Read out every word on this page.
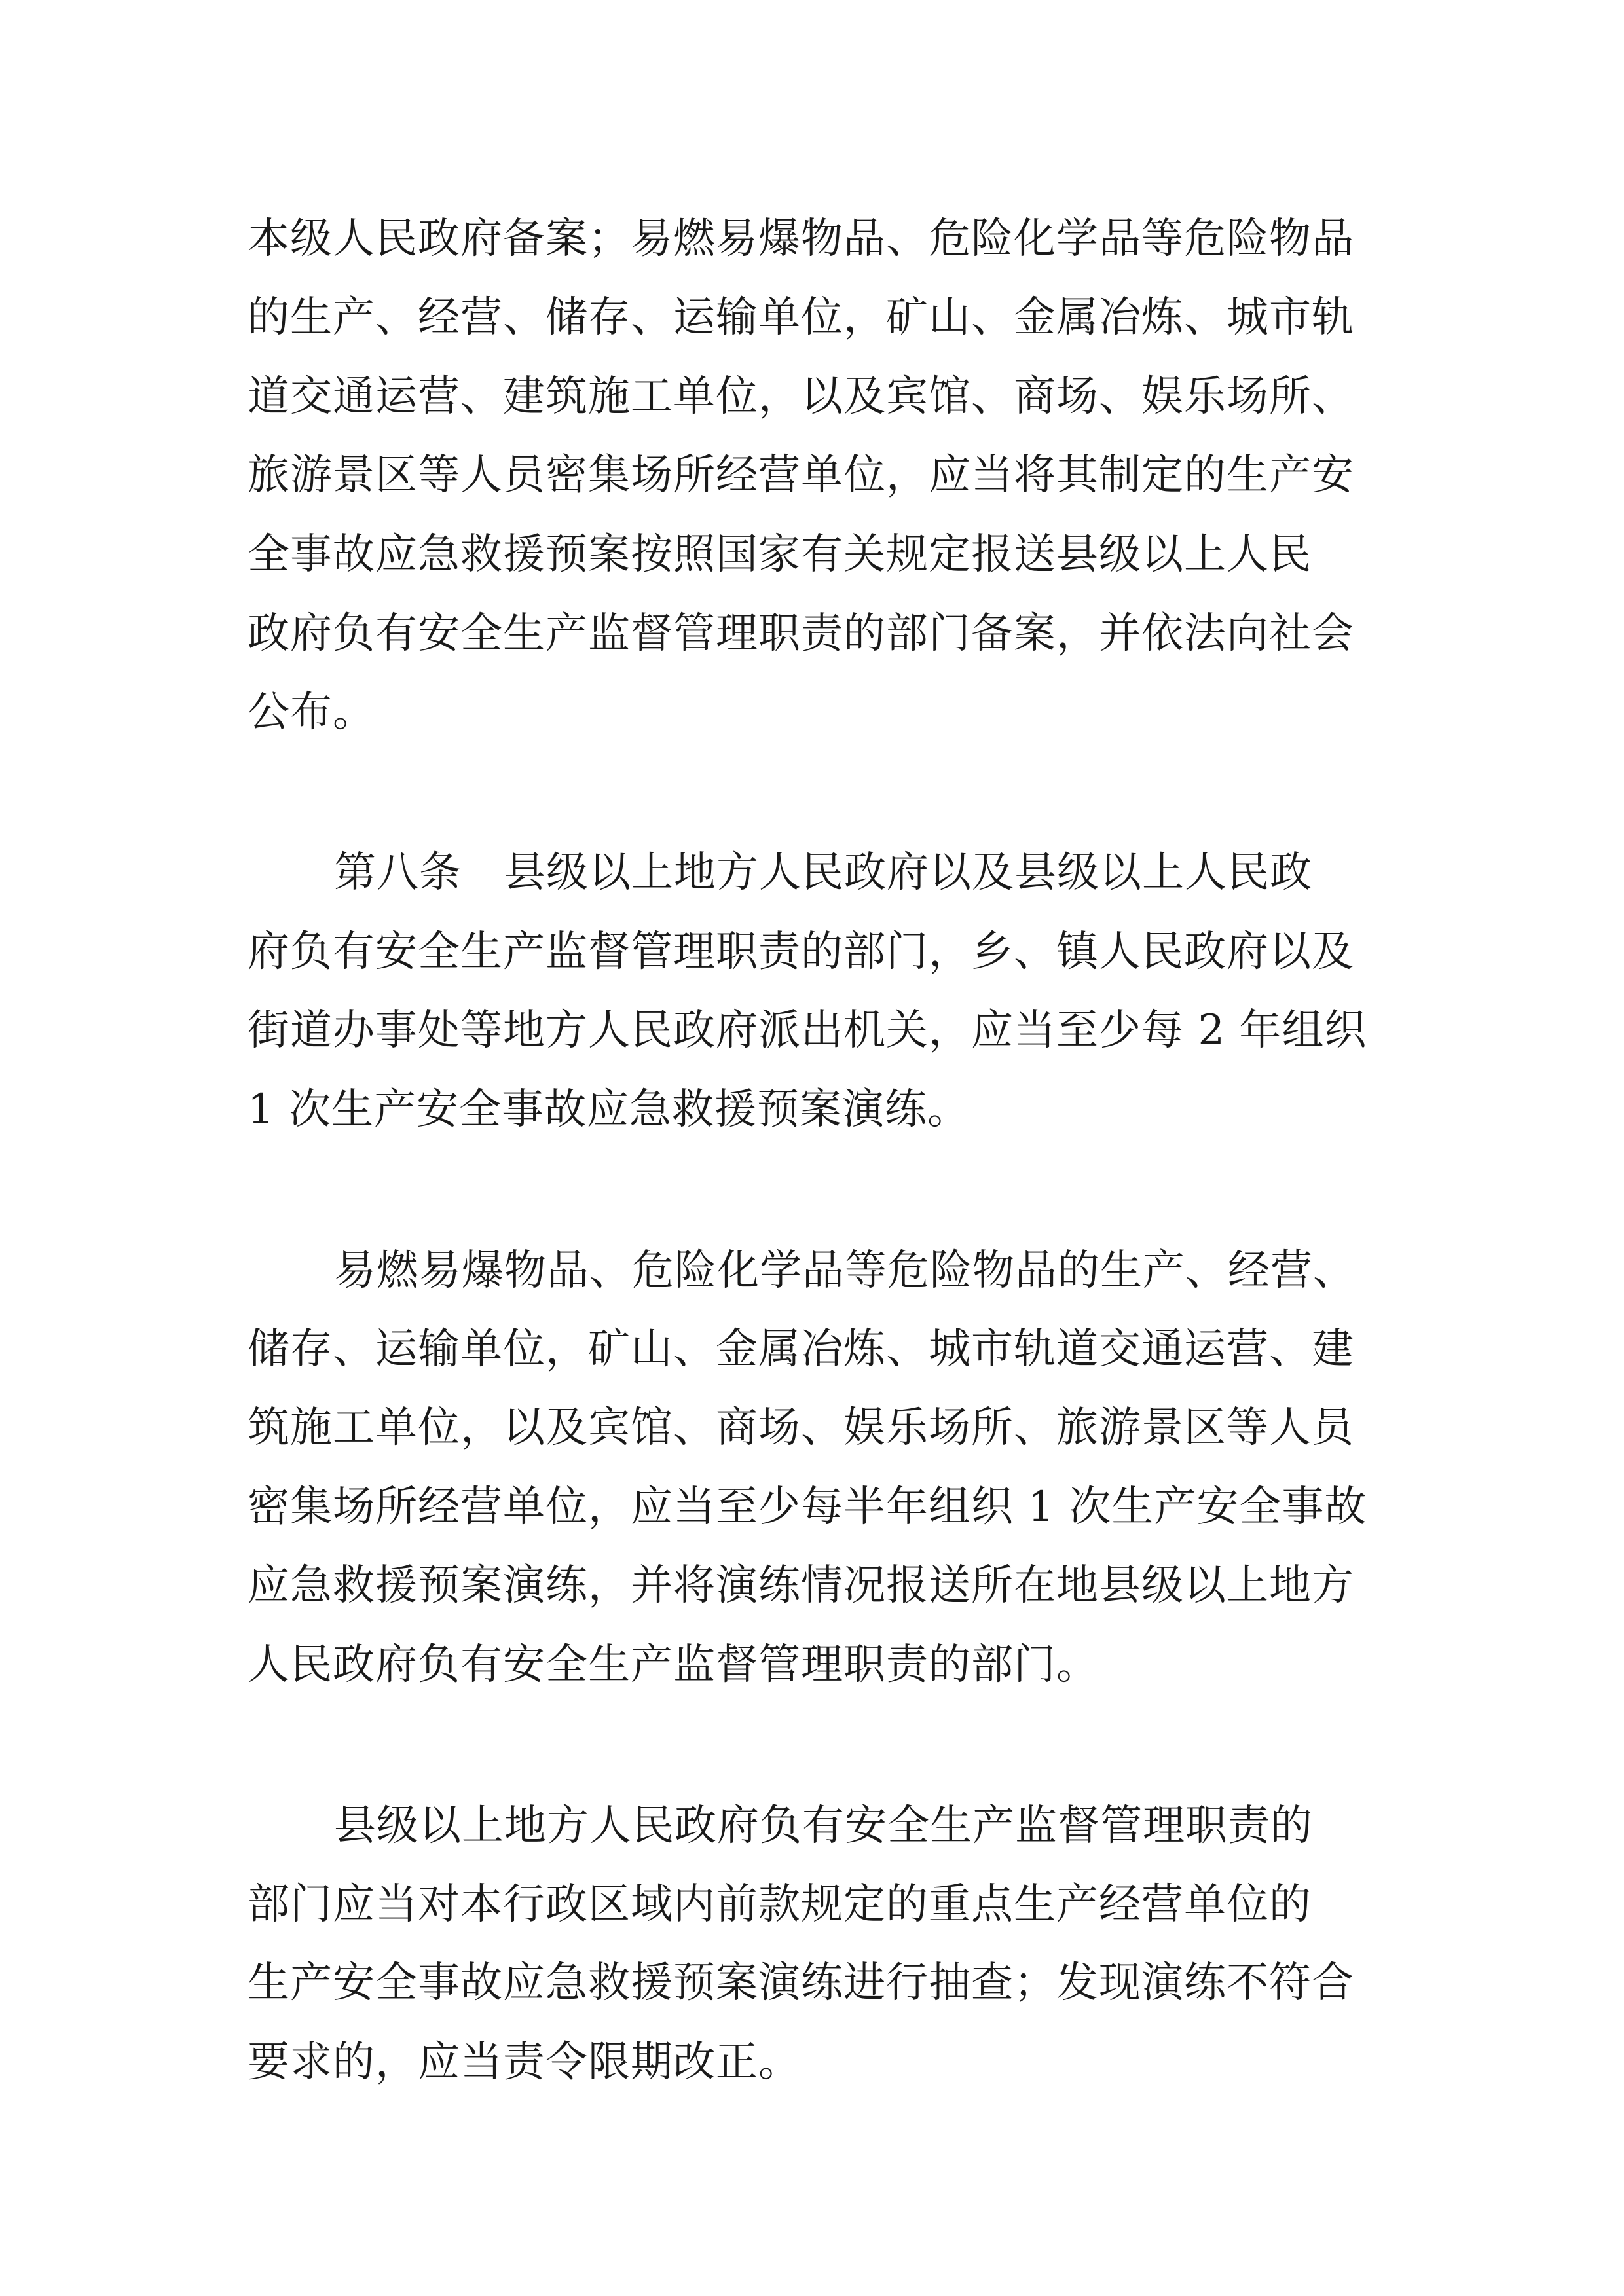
本级人民政府备案；易燃易爆物品、危险化学品等危险物品
的生产、经营、储存、运输单位，矿山、金属冶炼、城市轨
道交通运营、建筑施工单位，以及宾馆、商场、娱乐场所、
旅游景区等人员密集场所经营单位，应当将其制定的生产安
全事故应急救援预案按照国家有关规定报送县级以上人民
政府负有安全生产监督管理职责的部门备案，并依法向社会
公布。
第八条 县级以上地方人民政府以及县级以上人民政
府负有安全生产监督管理职责的部门，乡、镇人民政府以及
街道办事处等地方人民政府派出机关，应当至少每 2 年组织
1 次生产安全事故应急救援预案演练。
易燃易爆物品、危险化学品等危险物品的生产、经营、
储存、运输单位，矿山、金属冶炼、城市轨道交通运营、建
筑施工单位，以及宾馆、商场、娱乐场所、旅游景区等人员
密集场所经营单位，应当至少每半年组织 1 次生产安全事故
应急救援预案演练，并将演练情况报送所在地县级以上地方
人民政府负有安全生产监督管理职责的部门。
县级以上地方人民政府负有安全生产监督管理职责的
部门应当对本行政区域内前款规定的重点生产经营单位的
生产安全事故应急救援预案演练进行抽查；发现演练不符合
要求的，应当责令限期改正。
